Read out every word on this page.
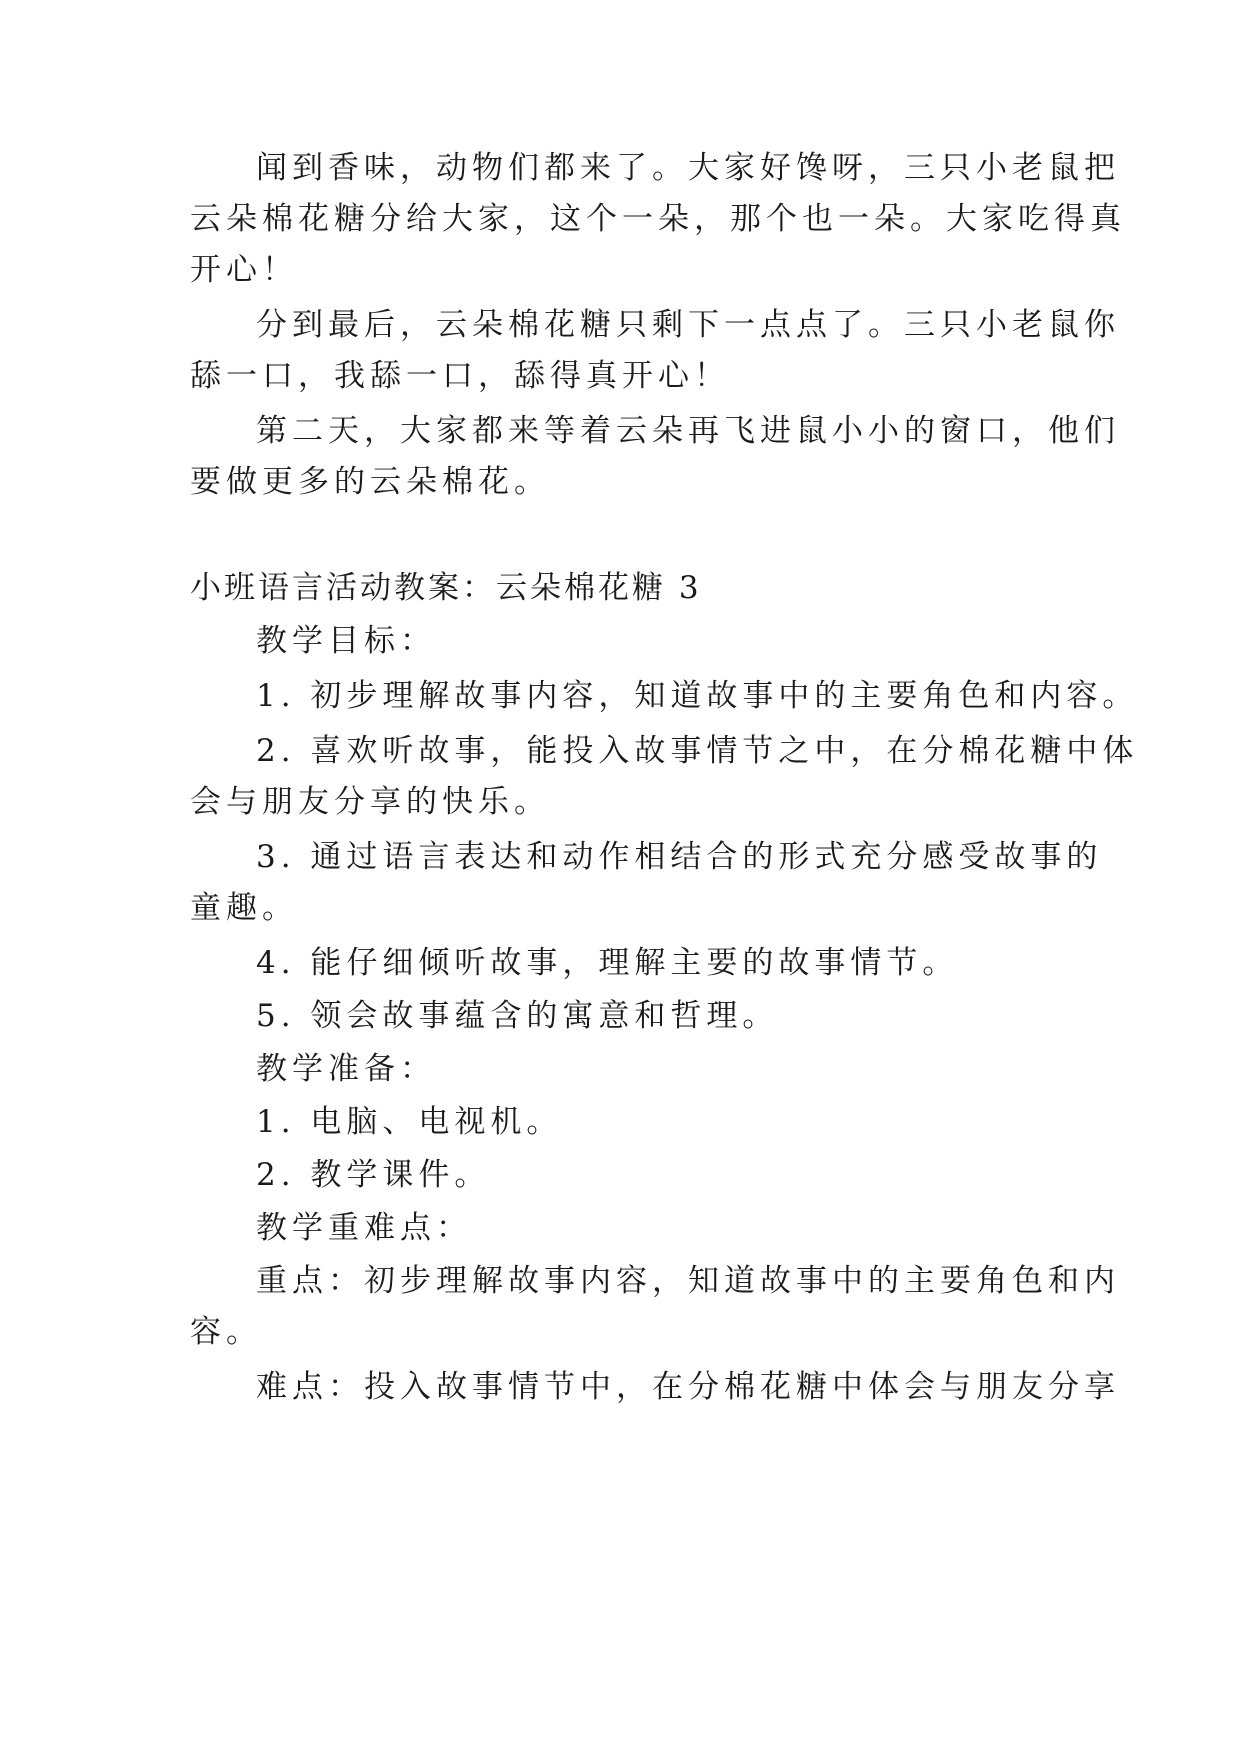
闻到香味，动物们都来了。大家好馋呀，三只小老鼠把
云朵棉花糖分给大家，这个一朵，那个也一朵。大家吃得真
开心！
分到最后，云朵棉花糖只剩下一点点了。三只小老鼠你
舔一口，我舔一口，舔得真开心！
第二天，大家都来等着云朵再飞进鼠小小的窗口，他们
要做更多的云朵棉花。
小班语言活动教案：云朵棉花糖 3
教学目标：
1. 初步理解故事内容，知道故事中的主要角色和内容。
2. 喜欢听故事，能投入故事情节之中，在分棉花糖中体
会与朋友分享的快乐。
3. 通过语言表达和动作相结合的形式充分感受故事的
童趣。
4. 能仔细倾听故事，理解主要的故事情节。
5. 领会故事蕴含的寓意和哲理。
教学准备：
1. 电脑、电视机。
2. 教学课件。
教学重难点：
重点：初步理解故事内容，知道故事中的主要角色和内
容。
难点：投入故事情节中，在分棉花糖中体会与朋友分享
